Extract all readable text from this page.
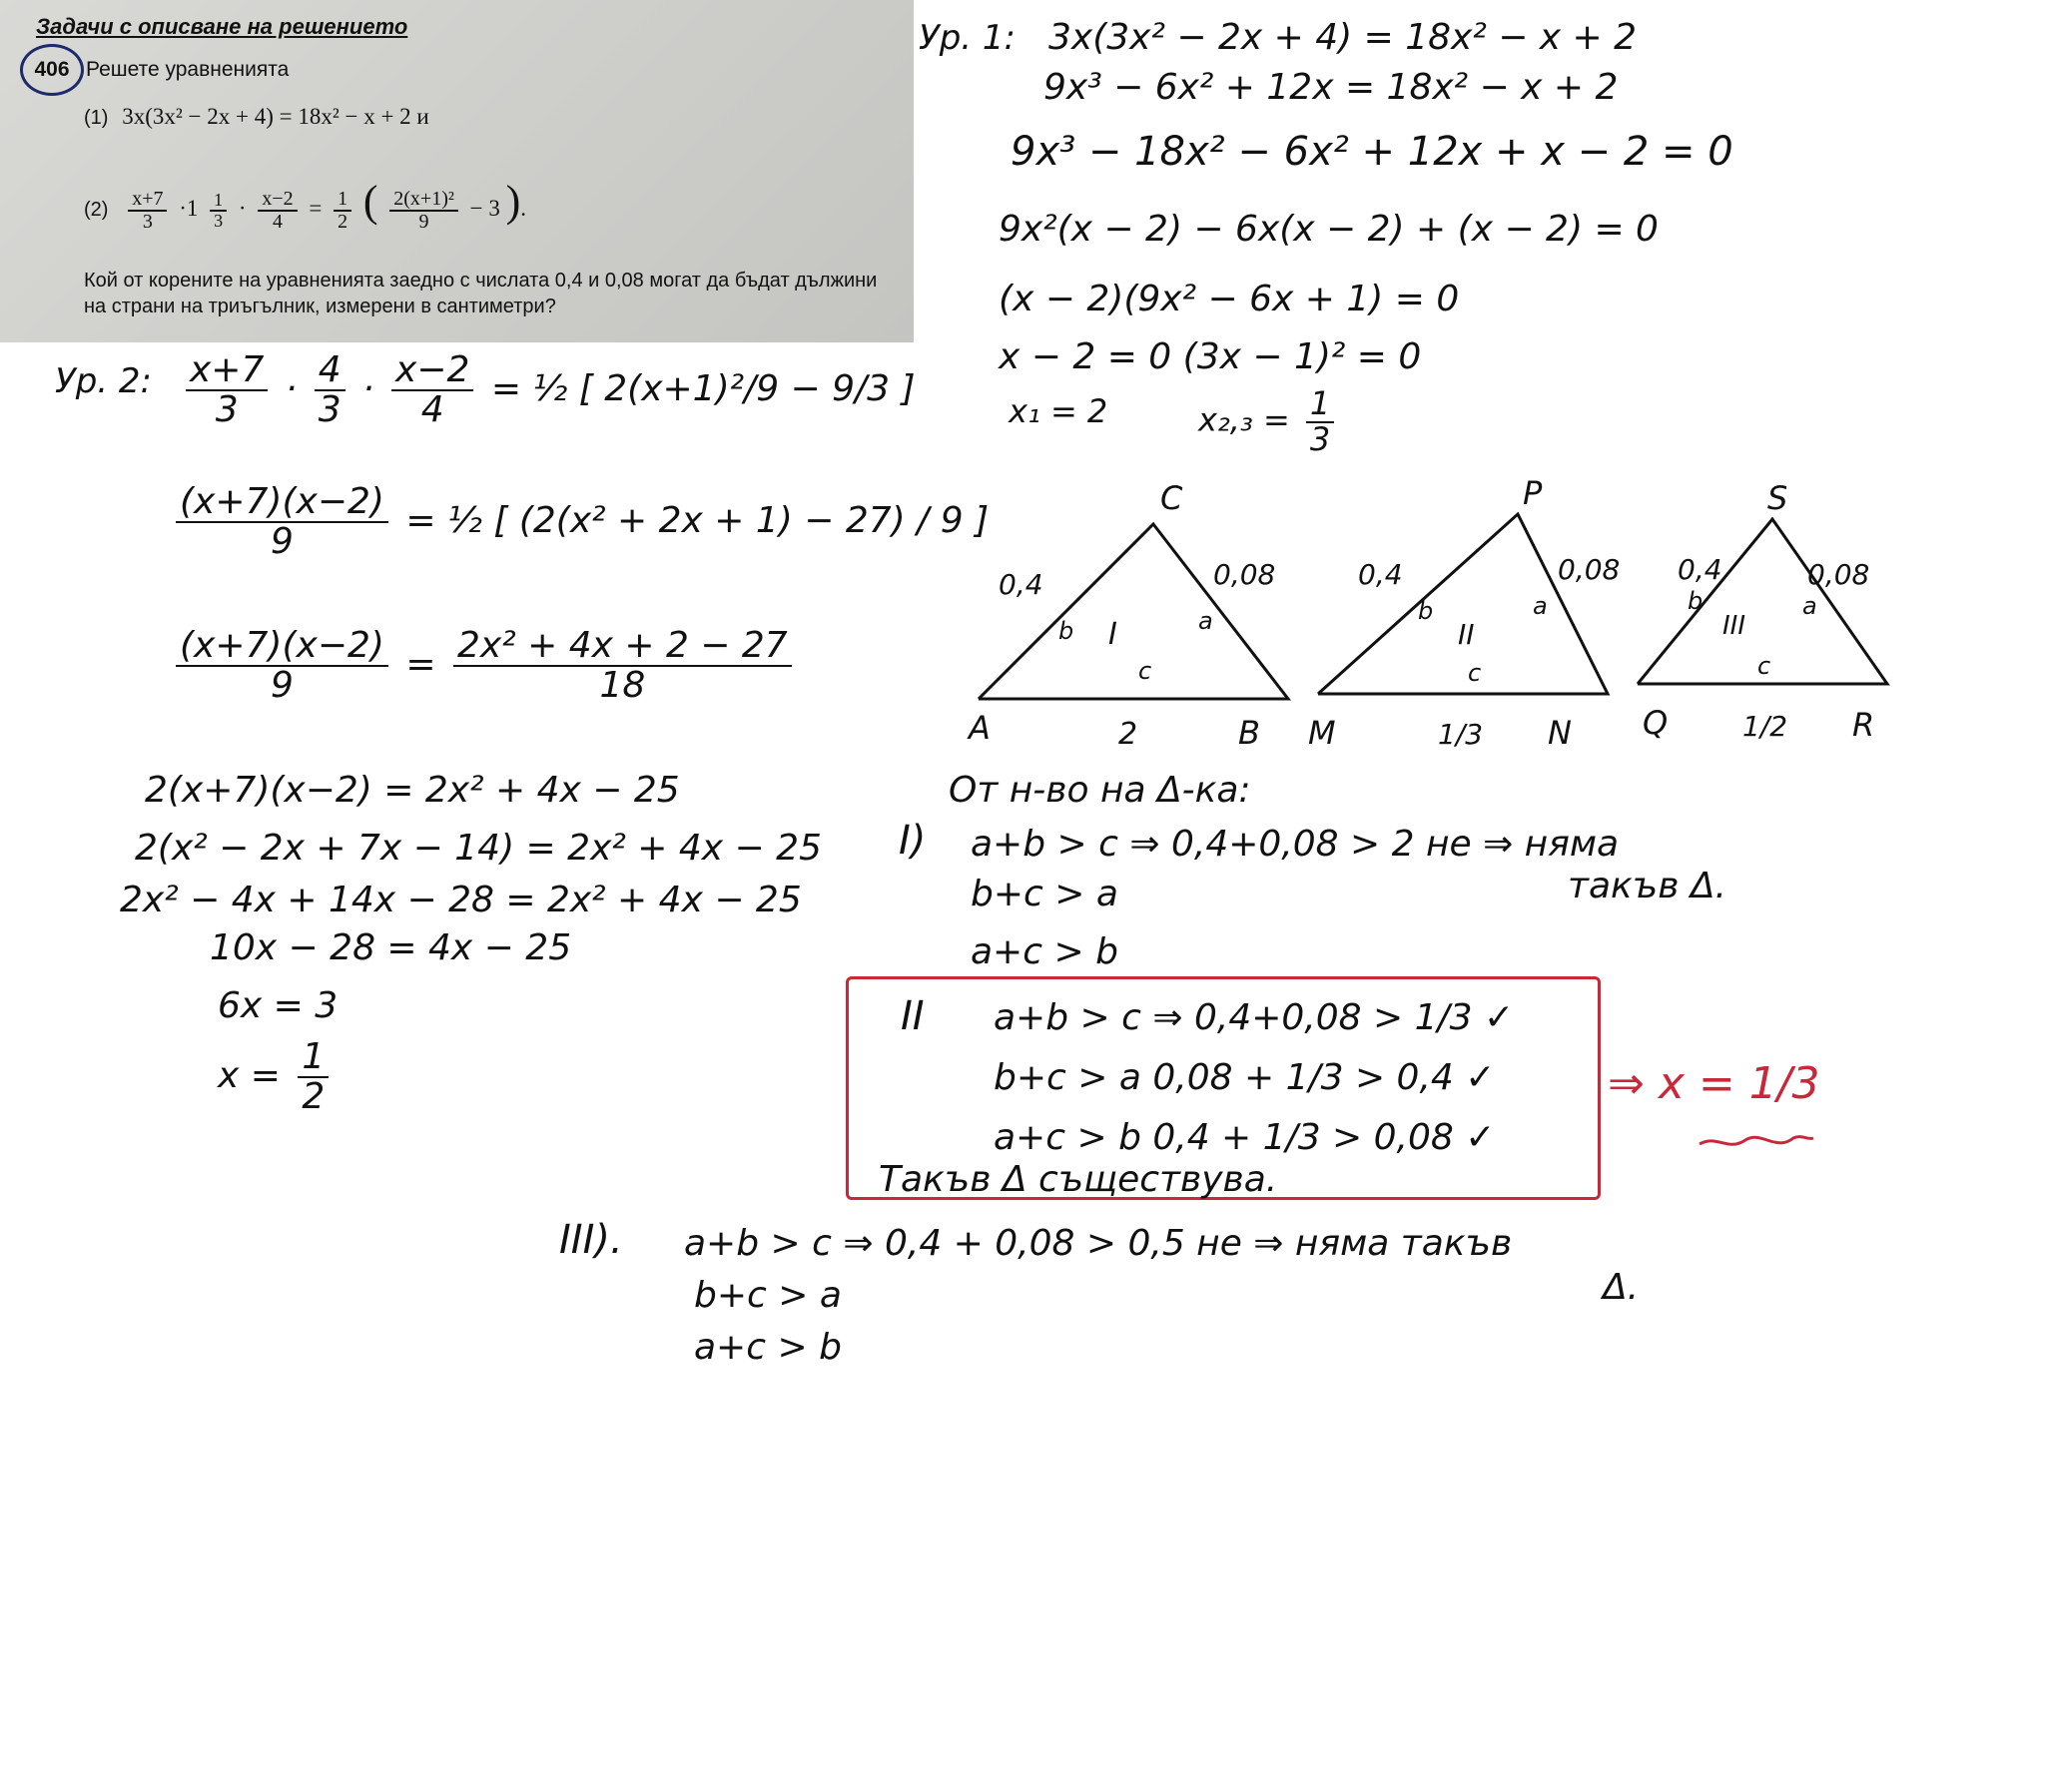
Задачи с описване на решението
406 Решете уравненията
(1) 3x(3x² − 2x + 4) = 18x² − x + 2 и
$(2) \frac{x+7}{3} \cdot 1 \frac{1}{3} \cdot \frac{x-2}{4} = \frac{1}{2}$ ( $\frac{\text{2(x+1)²}}{9} - 3$ ).
Кой от корените на уравненията заедно с числата 0,4 и 0,08 могат да бъдат дължини на страни на триъгълник, измерени в сантиметри?
Ур. 1: 3x(3x² − 2x + 4) = 18x² − x + 2
9x³ − 6x² + 12x = 18x² − x + 2
9x³ − 18x² − 6x² + 12x + x − 2 = 0
9x²(x − 2) − 6x(x − 2) + (x − 2) = 0
(x − 2)(9x² − 6x + 1) = 0
x − 2 = 0 (3x − 1)² = 0
x₁ = 2	$x_2,_3 = \frac{1}{3}$
Ур. 2: $\frac{x+7}{3} \cdot \frac{4}{3} \cdot \frac{x-2}{4}$ = ½ [ 2(x+1)²/9 − 9/3 ]
$\frac{(x+7)(x-2)}{9}$ = ½ [ (2(x² + 2x + 1) − 27) / 9 ]
$\frac{(x+7)(x-2)}{9} = \frac{\text{2x² + 4x + 2 − 27}}{18}$
2(x+7)(x−2) = 2x² + 4x − 25
2(x² − 2x + 7x − 14) = 2x² + 4x − 25
2x² − 4x + 14x − 28 = 2x² + 4x − 25
10x − 28 = 4x − 25
6x = 3
$x = \frac{1}{2}$
C
A	B
0,4	0,08
2
I
b	a
c
P
M	N
0,4	0,08
1/3
II
b	a
c
S
Q	R
0,4	0,08
1/2
III
b	a
c
От н-во на Δ-ка:
I) a+b > c ⇒ 0,4+0,08 > 2 не ⇒ няма
такъв Δ.
b+c > a
a+c > b
II a+b > c ⇒ 0,4+0,08 > 1/3 ✓
b+c > a 0,08 + 1/3 > 0,4 ✓
a+c > b 0,4 + 1/3 > 0,08 ✓
Такъв Δ съществува.
⇒ x = 1/3
III). a+b > c ⇒ 0,4 + 0,08 > 0,5 не ⇒ няма такъв
Δ.
b+c > a
a+c > b
